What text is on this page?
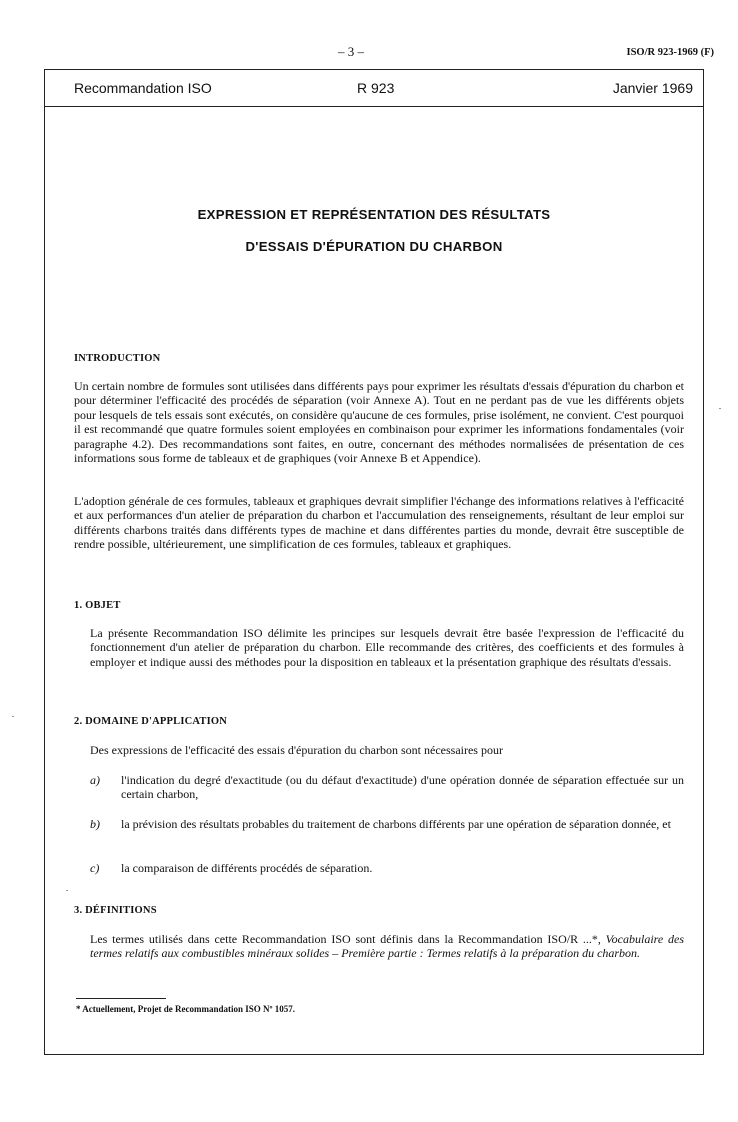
– 3 –	ISO/R 923-1969 (F)
Recommandation ISO	R 923	Janvier 1969
EXPRESSION ET REPRÉSENTATION DES RÉSULTATS
D'ESSAIS D'ÉPURATION DU CHARBON
INTRODUCTION

Un certain nombre de formules sont utilisées dans différents pays pour exprimer les résultats d'essais d'épuration du charbon et pour déterminer l'efficacité des procédés de séparation (voir Annexe A). Tout en ne perdant pas de vue les différents objets pour lesquels de tels essais sont exécutés, on considère qu'aucune de ces formules, prise isolément, ne convient. C'est pourquoi il est recommandé que quatre formules soient employées en combinaison pour exprimer les informations fondamentales (voir paragraphe 4.2). Des recommandations sont faites, en outre, concernant des méthodes normalisées de présentation de ces informations sous forme de tableaux et de graphiques (voir Annexe B et Appendice).

L'adoption générale de ces formules, tableaux et graphiques devrait simplifier l'échange des informations relatives à l'efficacité et aux performances d'un atelier de préparation du charbon et l'accumulation des renseignements, résultant de leur emploi sur différents charbons traités dans différents types de machine et dans différentes parties du monde, devrait être susceptible de rendre possible, ultérieurement, une simplification de ces formules, tableaux et graphiques.

1. OBJET

La présente Recommandation ISO délimite les principes sur lesquels devrait être basée l'expression de l'efficacité du fonctionnement d'un atelier de préparation du charbon. Elle recommande des critères, des coefficients et des formules à employer et indique aussi des méthodes pour la disposition en tableaux et la présentation graphique des résultats d'essais.

2. DOMAINE D'APPLICATION

Des expressions de l'efficacité des essais d'épuration du charbon sont nécessaires pour

a) l'indication du degré d'exactitude (ou du défaut d'exactitude) d'une opération donnée de séparation effectuée sur un certain charbon,

b) la prévision des résultats probables du traitement de charbons différents par une opération de séparation donnée, et

c) la comparaison de différents procédés de séparation.

3. DÉFINITIONS

Les termes utilisés dans cette Recommandation ISO sont définis dans la Recommandation ISO/R ...*, Vocabulaire des termes relatifs aux combustibles minéraux solides – Première partie : Termes relatifs à la préparation du charbon.

* Actuellement, Projet de Recommandation ISO Nº 1057.
